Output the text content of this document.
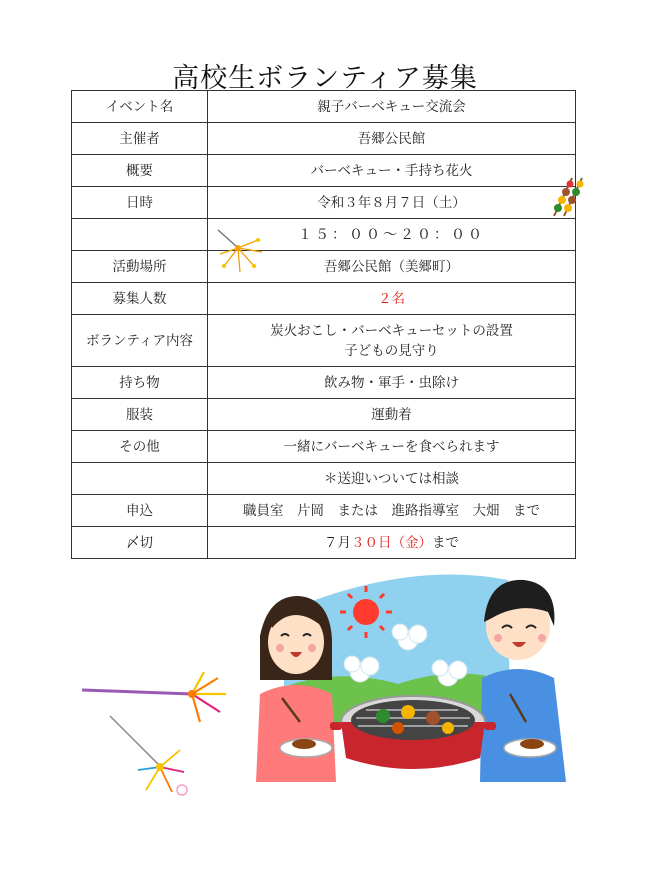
高校生ボランティア募集
イベント名	親子バーベキュー交流会
主催者	吾郷公民館
概要	バーベキュー・手持ち花火
日時	令和３年８月７日（土）
	１５：００～２０：００
活動場所	吾郷公民館（美郷町）
募集人数	２名
ボランティア内容	炭火おこし・バーベキューセットの設置
子どもの見守り

持ち物	飲み物・軍手・虫除け
服装	運動着
その他	一緒にバーベキューを食べられます
	＊送迎いついては相談
申込	職員室　片岡　または　進路指導室　大畑　まで
〆切	７月３０日（金）まで
